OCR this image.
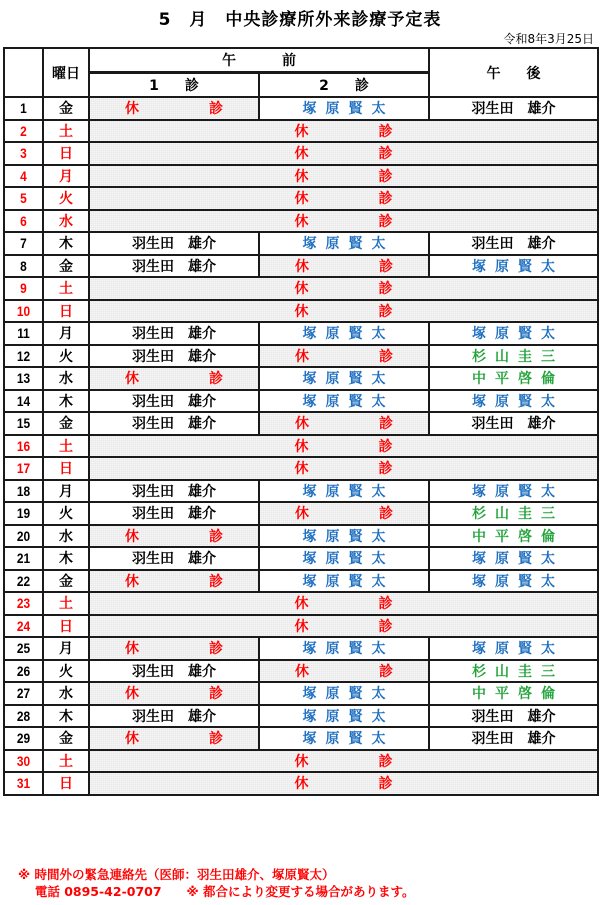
5　月　中央診療所外来診療予定表
令和8年3月25日
	曜日	午　　前		午　後
		1　診	2　診	
1	金	休 診	塚原賢太	羽生田　雄介
2	土	休 診		
3	日	休 診		
4	月	休 診		
5	火	休 診		
6	水	休 診		
7	木	羽生田　雄介	塚原賢太	羽生田　雄介
8	金	羽生田　雄介	休 診	塚原賢太
9	土	休 診		
10	日	休 診		
11	月	羽生田　雄介	塚原賢太	塚原賢太
12	火	羽生田　雄介	休 診	杉山圭三
13	水	休 診	塚原賢太	中平啓倫
14	木	羽生田　雄介	塚原賢太	塚原賢太
15	金	羽生田　雄介	休 診	羽生田　雄介
16	土	休 診		
17	日	休 診		
18	月	羽生田　雄介	塚原賢太	塚原賢太
19	火	羽生田　雄介	休 診	杉山圭三
20	水	休 診	塚原賢太	中平啓倫
21	木	羽生田　雄介	塚原賢太	塚原賢太
22	金	休 診	塚原賢太	塚原賢太
23	土	休 診		
24	日	休 診		
25	月	休 診	塚原賢太	塚原賢太
26	火	羽生田　雄介	休 診	杉山圭三
27	水	休 診	塚原賢太	中平啓倫
28	木	羽生田　雄介	塚原賢太	羽生田　雄介
29	金	休 診	塚原賢太	羽生田　雄介
30	土	休 診		
31	日	休 診		
※ 時間外の緊急連絡先（医師：羽生田雄介、塚原賢太）
　 電話 0895-42-0707　　※ 都合により変更する場合があります。
